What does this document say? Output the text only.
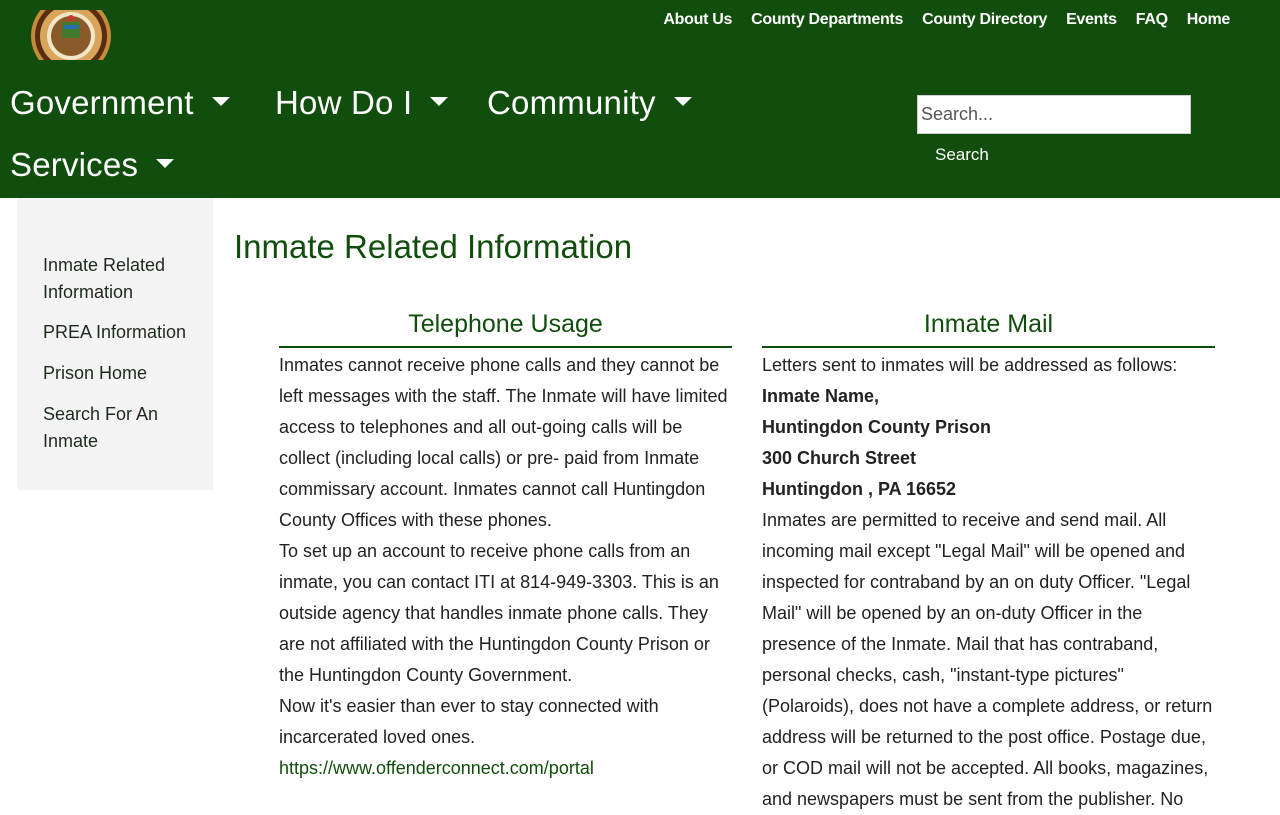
About Us County Departments County Directory Events FAQ Home
Government How Do I Community
Services
Search...	Search
Inmate Related Information
PREA Information
Prison Home
Search For An Inmate
Inmate Related Information
Telephone Usage

Inmates cannot receive phone calls and they cannot be left messages with the staff. The Inmate will have limited access to telephones and all out-going calls will be collect (including local calls) or pre- paid from Inmate commissary account. Inmates cannot call Huntingdon County Offices with these phones.

To set up an account to receive phone calls from an inmate, you can contact ITI at 814-949-3303. This is an outside agency that handles inmate phone calls. They are not affiliated with the Huntingdon County Prison or the Huntingdon County Government.

Now it's easier than ever to stay connected with incarcerated loved ones.

https://www.offenderconnect.com/portal
Inmate Mail

Letters sent to inmates will be addressed as follows:

Inmate Name,

Huntingdon County Prison

300 Church Street

Huntingdon , PA 16652

Inmates are permitted to receive and send mail. All incoming mail except "Legal Mail" will be opened and inspected for contraband by an on duty Officer. "Legal Mail" will be opened by an on-duty Officer in the presence of the Inmate. Mail that has contraband, personal checks, cash, "instant-type pictures" (Polaroids), does not have a complete address, or return address will be returned to the post office. Postage due, or COD mail will not be accepted. All books, magazines, and newspapers must be sent from the publisher. No
